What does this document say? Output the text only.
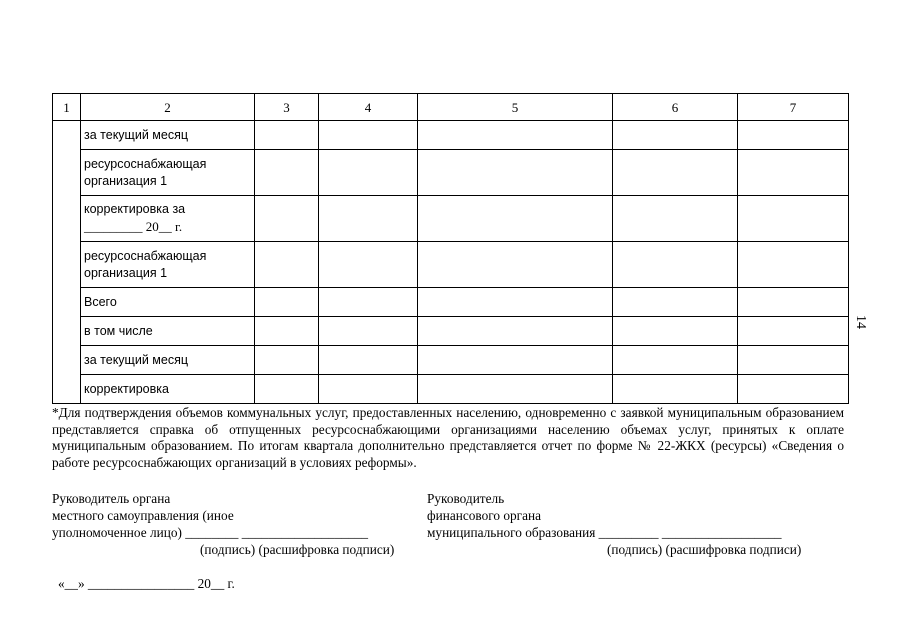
1	2	3	4	5	6	7
	за текущий месяц					
	ресурсоснабжающая организация 1					
	корректировка за
_________ 20__ г.					
	ресурсоснабжающая организация 1					
	Всего					
	в том числе					
	за текущий месяц					
	корректировка					
14
*Для подтверждения объемов коммунальных услуг, предоставленных населению, одновременно с заявкой муниципальным образованием представляется справка об отпущенных ресурсоснабжающими организациями населению объемах услуг, принятых к оплате муниципальным образованием. По итогам квартала дополнительно представляется отчет по форме № 22-ЖКХ (ресурсы) «Сведения о работе ресурсоснабжающих организаций в условиях реформы».
Руководитель органа
местного самоуправления (иное
уполномоченное лицо) ________ ___________________
(подпись) (расшифровка подписи)
Руководитель
финансового органа
муниципального образования _________ __________________
(подпись) (расшифровка подписи)
«__» ________________ 20__ г.
